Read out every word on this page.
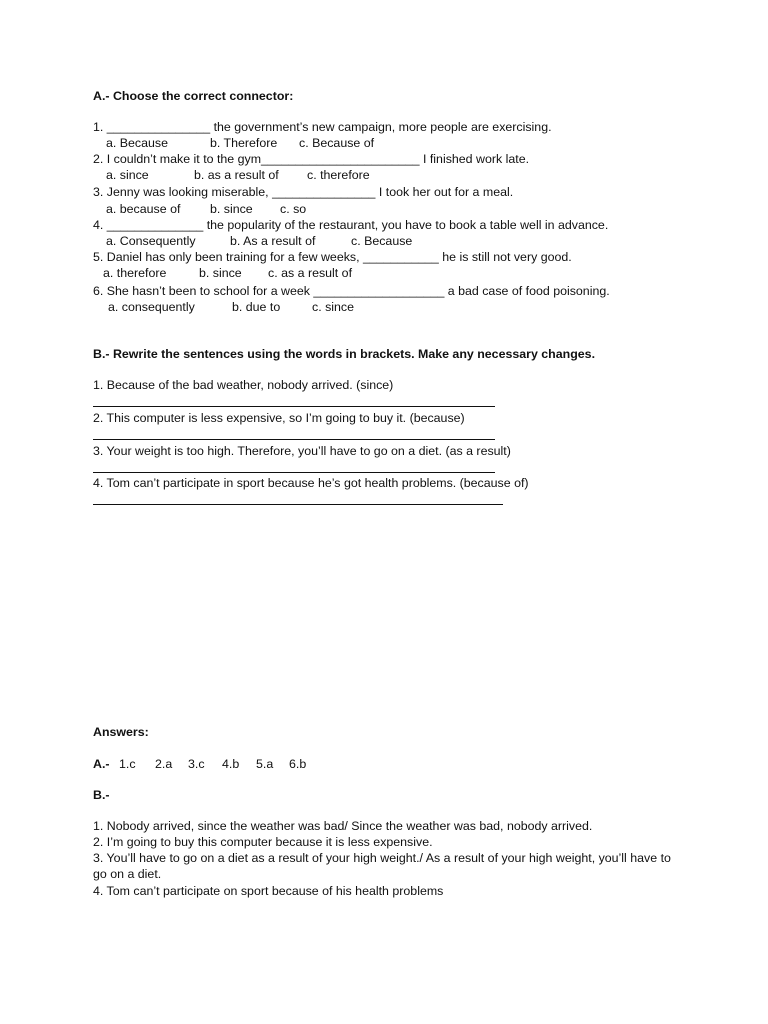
A.- Choose the correct connector:
1. _______________ the government’s new campaign, more people are exercising.
a. Because	b. Therefore c. Because of
2. I couldn’t make it to the gym_______________________ I finished work late.
a. since	b. as a result of c. therefore
3. Jenny was looking miserable, _______________ I took her out for a meal.
a. because of b. since c. so
4. ______________ the popularity of the restaurant, you have to book a table well in advance.
a. Consequently	b. As a result of	c. Because
5. Daniel has only been training for a few weeks, ___________ he is still not very good.
a. therefore	b. since c. as a result of
6. She hasn’t been to school for a week ___________________ a bad case of food poisoning.
a. consequently	b. due to	c. since
B.- Rewrite the sentences using the words in brackets. Make any necessary changes.
1. Because of the bad weather, nobody arrived. (since)
2. This computer is less expensive, so I’m going to buy it. (because)
3. Your weight is too high. Therefore, you’ll have to go on a diet. (as a result)
4. Tom can’t participate in sport because he’s got health problems. (because of)
Answers:
A.- 1.c 2.a 3.c 4.b 5.a 6.b
B.-
1. Nobody arrived, since the weather was bad/ Since the weather was bad, nobody arrived.
2. I’m going to buy this computer because it is less expensive.
3. You’ll have to go on a diet as a result of your high weight./ As a result of your high weight, you’ll have to go on a diet.
4. Tom can’t participate on sport because of his health problems
